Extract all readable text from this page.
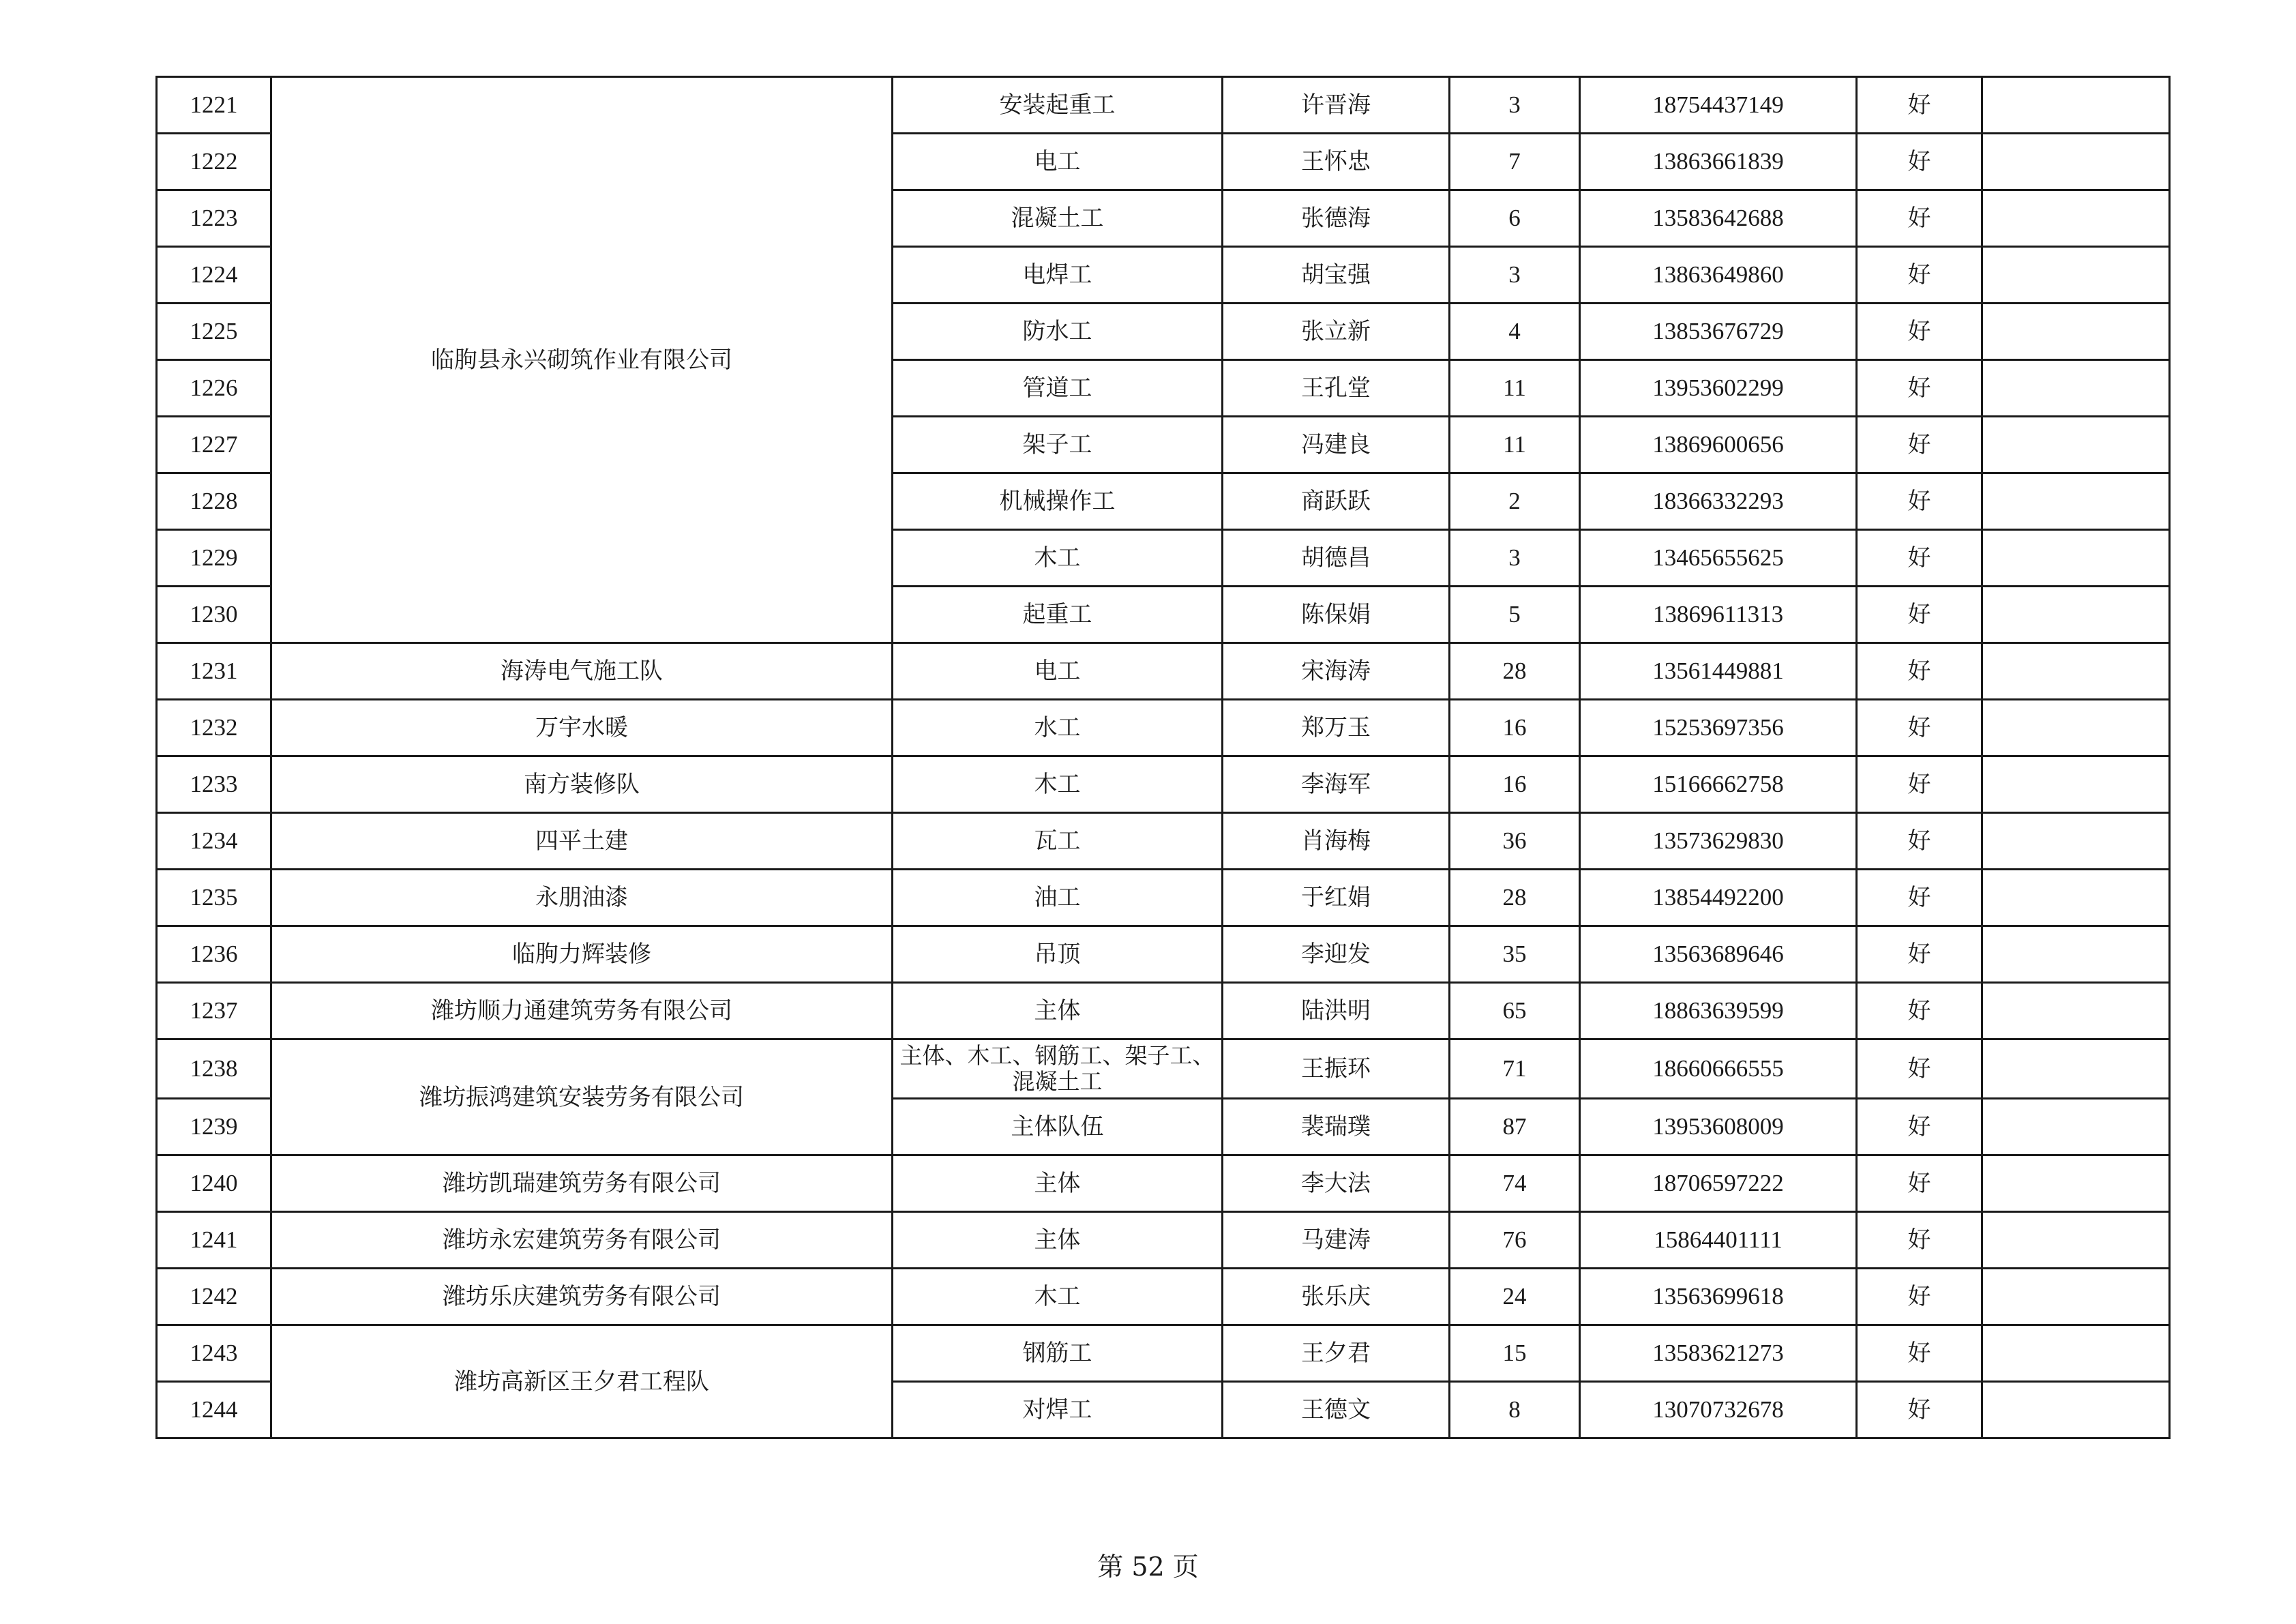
1221	临朐县永兴砌筑作业有限公司	安装起重工	许晋海	3	18754437149	好	
1222		电工	王怀忠	7	13863661839	好	
1223		混凝土工	张德海	6	13583642688	好	
1224		电焊工	胡宝强	3	13863649860	好	
1225		防水工	张立新	4	13853676729	好	
1226		管道工	王孔堂	11	13953602299	好	
1227		架子工	冯建良	11	13869600656	好	
1228		机械操作工	商跃跃	2	18366332293	好	
1229		木工	胡德昌	3	13465655625	好	
1230		起重工	陈保娟	5	13869611313	好	
1231	海涛电气施工队	电工	宋海涛	28	13561449881	好	
1232	万宇水暖	水工	郑万玉	16	15253697356	好	
1233	南方装修队	木工	李海军	16	15166662758	好	
1234	四平土建	瓦工	肖海梅	36	13573629830	好	
1235	永朋油漆	油工	于红娟	28	13854492200	好	
1236	临朐力辉装修	吊顶	李迎发	35	13563689646	好	
1237	潍坊顺力通建筑劳务有限公司	主体	陆洪明	65	18863639599	好	
1238	潍坊振鸿建筑安装劳务有限公司	主体、木工、钢筋工、架子工、混凝土工	王振环	71	18660666555	好	
1239		主体队伍	裴瑞璞	87	13953608009	好	
1240	潍坊凯瑞建筑劳务有限公司	主体	李大法	74	18706597222	好	
1241	潍坊永宏建筑劳务有限公司	主体	马建涛	76	15864401111	好	
1242	潍坊乐庆建筑劳务有限公司	木工	张乐庆	24	13563699618	好	
1243	潍坊高新区王夕君工程队	钢筋工	王夕君	15	13583621273	好	
1244		对焊工	王德文	8	13070732678	好	
第 52 页
